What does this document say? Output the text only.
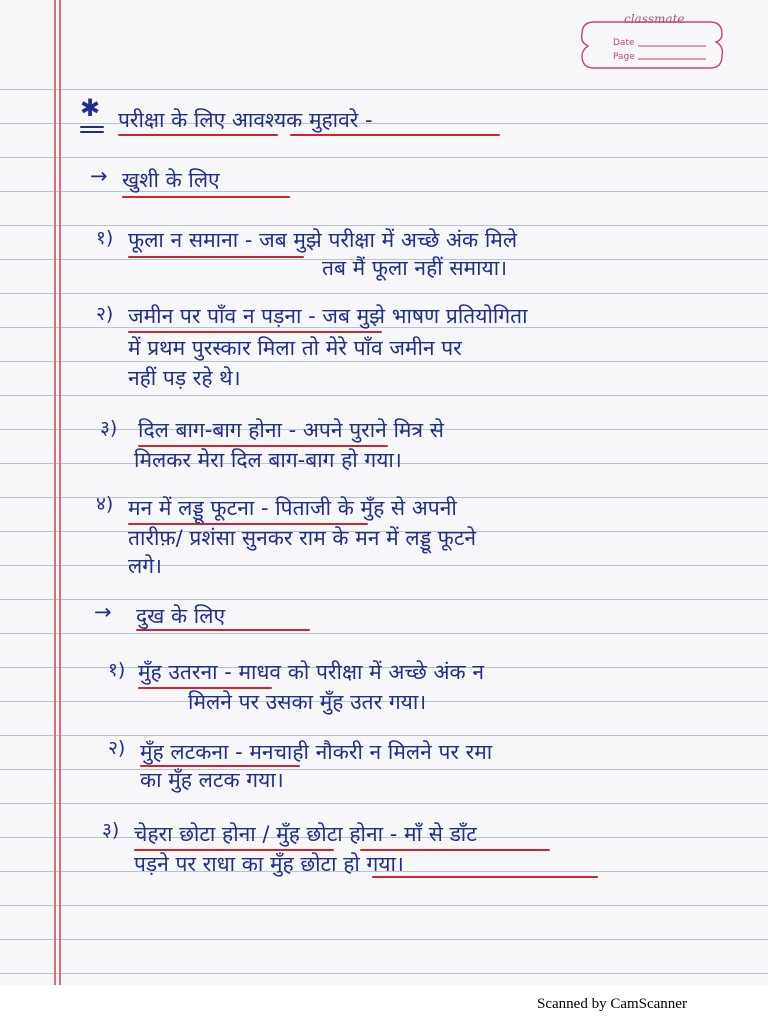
classmate
Date
Page
✱ परीक्षा के लिए आवश्यक मुहावरे -
→ खुशी के लिए
१) फूला न समाना - जब मुझे परीक्षा में अच्छे अंक मिले
तब मैं फूला नहीं समाया।
२) जमीन पर पाँव न पड़ना - जब मुझे भाषण प्रतियोगिता
में प्रथम पुरस्कार मिला तो मेरे पाँव जमीन पर
नहीं पड़ रहे थे।
३) दिल बाग-बाग होना - अपने पुराने मित्र से
मिलकर मेरा दिल बाग-बाग हो गया।
४) मन में लड्डू फूटना - पिताजी के मुँह से अपनी
तारीफ़/ प्रशंसा सुनकर राम के मन में लड्डू फूटने
लगे।
→ दुख के लिए
१) मुँह उतरना - माधव को परीक्षा में अच्छे अंक न
मिलने पर उसका मुँह उतर गया।
२) मुँह लटकना - मनचाही नौकरी न मिलने पर रमा
का मुँह लटक गया।
३) चेहरा छोटा होना / मुँह छोटा होना - माँ से डाँट
पड़ने पर राधा का मुँह छोटा हो गया।
Scanned by CamScanner
